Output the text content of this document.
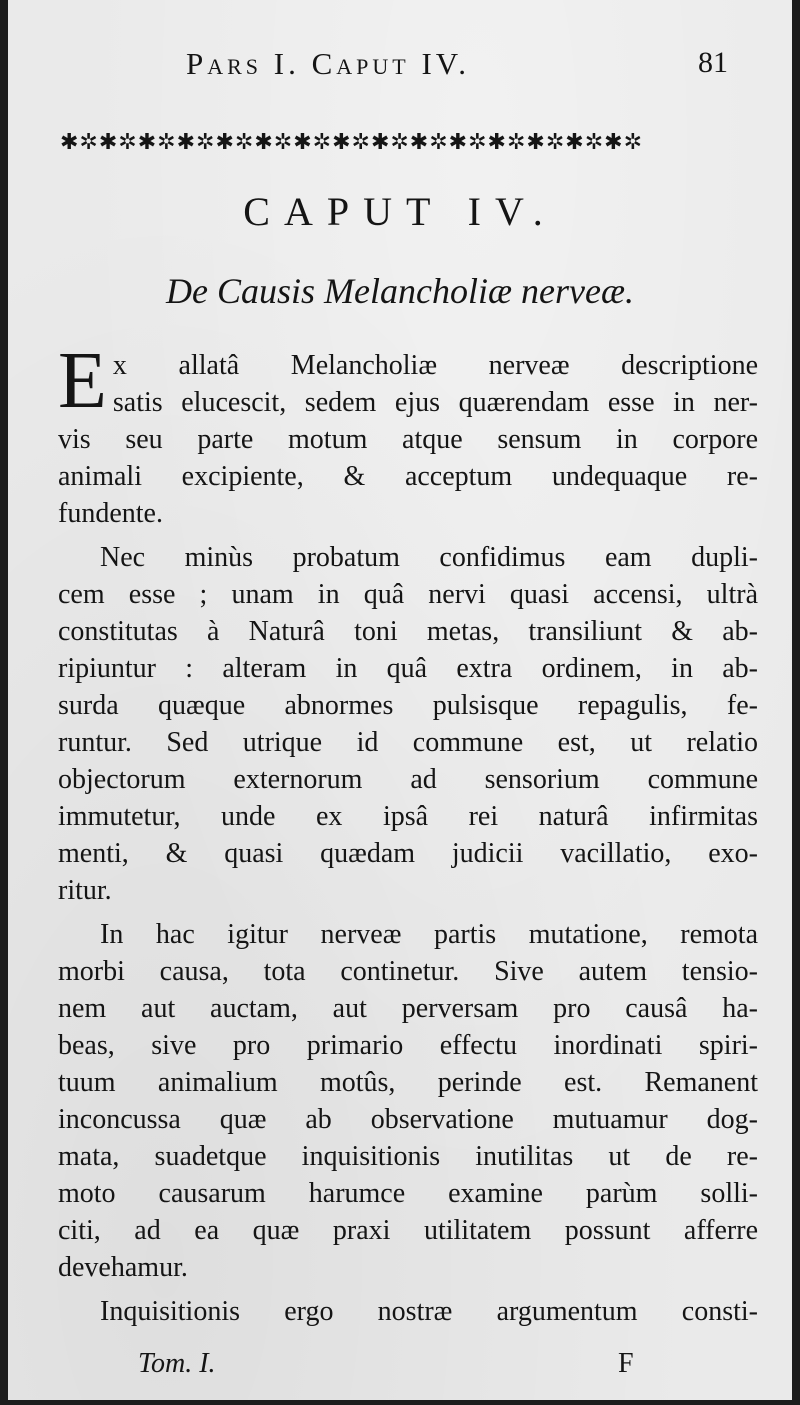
Pars I. Caput IV.	81
✱✲✱✲✱✲✱✲✱✲✱✲✱✲✱✲✱✲✱✲✱✲✱✲✱✲✱✲✱✲
CAPUT IV.
De Causis Melancholiæ nerveæ.
E x allatâ Melancholiæ nerveæ descriptione
satis elucescit, sedem ejus quærendam esse in ner-
vis seu parte motum atque sensum in corpore
animali excipiente, & acceptum undequaque re-
fundente.
Nec minùs probatum confidimus eam dupli-
cem esse ; unam in quâ nervi quasi accensi, ultrà
constitutas à Naturâ toni metas, transiliunt & ab-
ripiuntur : alteram in quâ extra ordinem, in ab-
surda quæque abnormes pulsisque repagulis, fe-
runtur. Sed utrique id commune est, ut relatio
objectorum externorum ad sensorium commune
immutetur, unde ex ipsâ rei naturâ infirmitas
menti, & quasi quædam judicii vacillatio, exo-
ritur.
In hac igitur nerveæ partis mutatione, remota
morbi causa, tota continetur. Sive autem tensio-
nem aut auctam, aut perversam pro causâ ha-
beas, sive pro primario effectu inordinati spiri-
tuum animalium motûs, perinde est. Remanent
inconcussa quæ ab observatione mutuamur dog-
mata, suadetque inquisitionis inutilitas ut de re-
moto causarum harumce examine parùm solli-
citi, ad ea quæ praxi utilitatem possunt afferre
devehamur.
Inquisitionis ergo nostræ argumentum consti-
Tom. I.	F
